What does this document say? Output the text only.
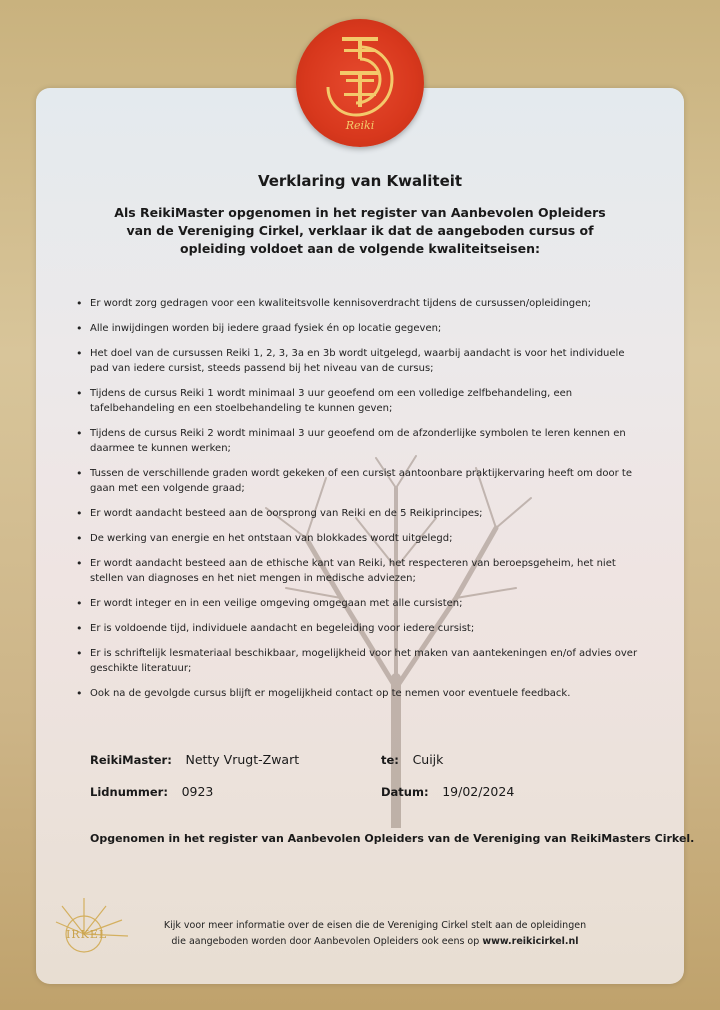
Reiki
Verklaring van Kwaliteit
Als ReikiMaster opgenomen in het register van Aanbevolen Opleiders van de Vereniging Cirkel, verklaar ik dat de aangeboden cursus of opleiding voldoet aan de volgende kwaliteitseisen:
• Er wordt zorg gedragen voor een kwaliteitsvolle kennisoverdracht tijdens de cursussen/opleidingen;
• Alle inwijdingen worden bij iedere graad fysiek én op locatie gegeven;
• Het doel van de cursussen Reiki 1, 2, 3, 3a en 3b wordt uitgelegd, waarbij aandacht is voor het individuele pad van iedere cursist, steeds passend bij het niveau van de cursus;
• Tijdens de cursus Reiki 1 wordt minimaal 3 uur geoefend om een volledige zelfbehandeling, een tafelbehandeling en een stoelbehandeling te kunnen geven;
• Tijdens de cursus Reiki 2 wordt minimaal 3 uur geoefend om de afzonderlijke symbolen te leren kennen en daarmee te kunnen werken;
• Tussen de verschillende graden wordt gekeken of een cursist aantoonbare praktijkervaring heeft om door te gaan met een volgende graad;
• Er wordt aandacht besteed aan de oorsprong van Reiki en de 5 Reikiprincipes;
• De werking van energie en het ontstaan van blokkades wordt uitgelegd;
• Er wordt aandacht besteed aan de ethische kant van Reiki, het respecteren van beroepsgeheim, het niet stellen van diagnoses en het niet mengen in medische adviezen;
• Er wordt integer en in een veilige omgeving omgegaan met alle cursisten;
• Er is voldoende tijd, individuele aandacht en begeleiding voor iedere cursist;
• Er is schriftelijk lesmateriaal beschikbaar, mogelijkheid voor het maken van aantekeningen en/of advies over geschikte literatuur;
• Ook na de gevolgde cursus blijft er mogelijkheid contact op te nemen voor eventuele feedback.
ReikiMaster: Netty Vrugt-Zwart	te: Cuijk
Lidnummer: 0923	Datum: 19/02/2024
Opgenomen in het register van Aanbevolen Opleiders van de Vereniging van ReikiMasters Cirkel.
IRKEL
Kijk voor meer informatie over de eisen die de Vereniging Cirkel stelt aan de opleidingen
die aangeboden worden door Aanbevolen Opleiders ook eens op www.reikicirkel.nl
